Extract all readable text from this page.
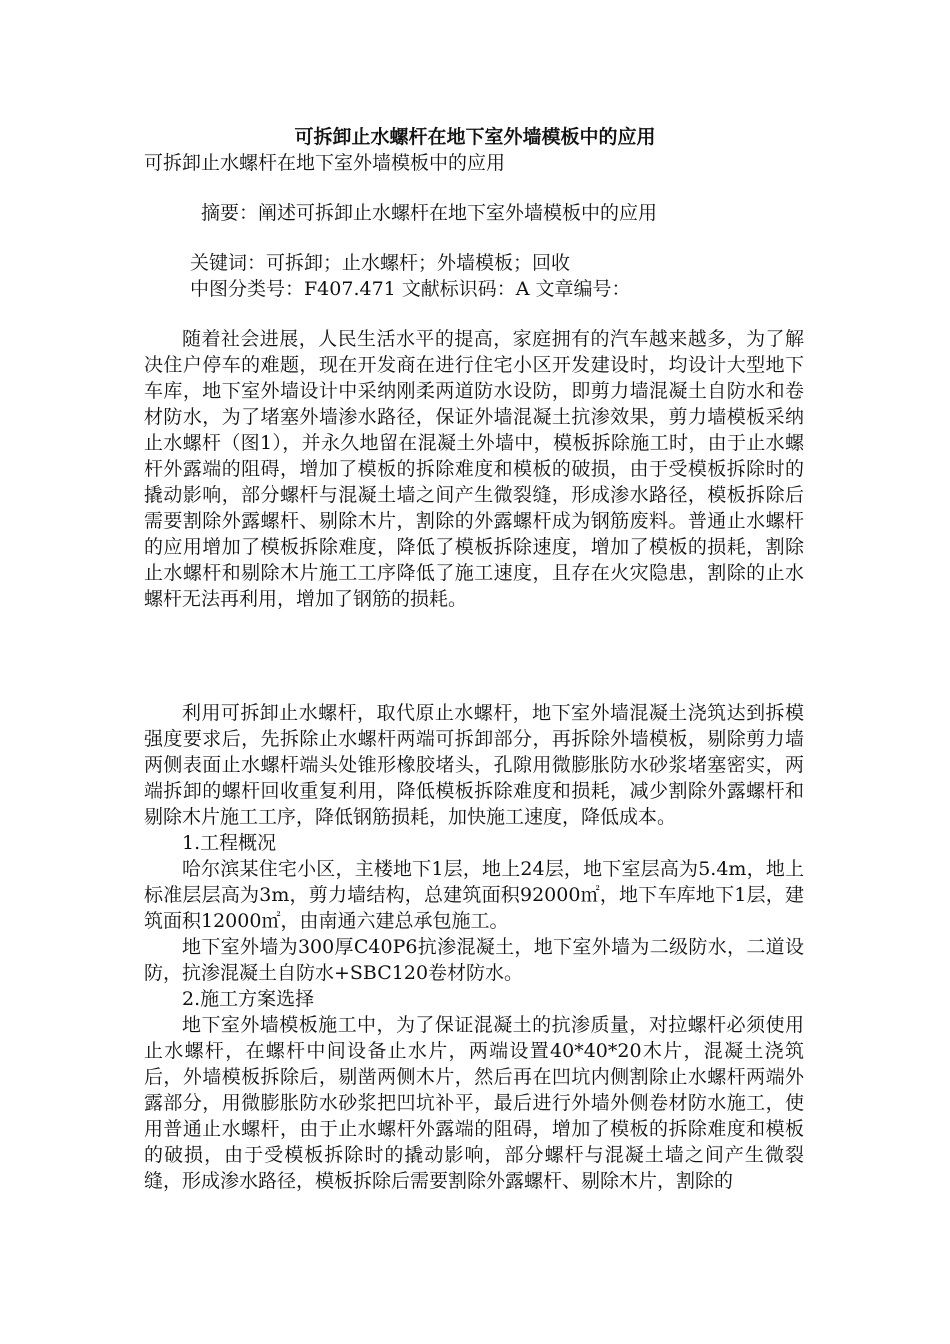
可拆卸止水螺杆在地下室外墙模板中的应用
可拆卸止水螺杆在地下室外墙模板中的应用
摘要：阐述可拆卸止水螺杆在地下室外墙模板中的应用
关键词：可拆卸；止水螺杆；外墙模板；回收
中图分类号：F407.471 文献标识码：A 文章编号：

随着社会进展，人民生活水平的提高，家庭拥有的汽车越来越多，为了解决住户停车的难题，现在开发商在进行住宅小区开发建设时，均设计大型地下车库，地下室外墙设计中采纳刚柔两道防水设防，即剪力墙混凝土自防水和卷材防水，为了堵塞外墙渗水路径，保证外墙混凝土抗渗效果，剪力墙模板采纳止水螺杆（图1），并永久地留在混凝土外墙中，模板拆除施工时，由于止水螺杆外露端的阻碍，增加了模板的拆除难度和模板的破损，由于受模板拆除时的撬动影响，部分螺杆与混凝土墙之间产生微裂缝，形成渗水路径，模板拆除后需要割除外露螺杆、剔除木片，割除的外露螺杆成为钢筋废料。普通止水螺杆的应用增加了模板拆除难度，降低了模板拆除速度，增加了模板的损耗，割除止水螺杆和剔除木片施工工序降低了施工速度，且存在火灾隐患，割除的止水螺杆无法再利用，增加了钢筋的损耗。

利用可拆卸止水螺杆，取代原止水螺杆，地下室外墙混凝土浇筑达到拆模强度要求后，先拆除止水螺杆两端可拆卸部分，再拆除外墙模板，剔除剪力墙两侧表面止水螺杆端头处锥形橡胶堵头，孔隙用微膨胀防水砂浆堵塞密实，两端拆卸的螺杆回收重复利用，降低模板拆除难度和损耗，减少割除外露螺杆和剔除木片施工工序，降低钢筋损耗，加快施工速度，降低成本。

1.工程概况

哈尔滨某住宅小区，主楼地下1层，地上24层，地下室层高为5.4m，地上标准层层高为3m，剪力墙结构，总建筑面积92000㎡，地下车库地下1层，建筑面积12000㎡，由南通六建总承包施工。

地下室外墙为300厚C40P6抗渗混凝土，地下室外墙为二级防水，二道设防，抗渗混凝土自防水+SBC120卷材防水。

2.施工方案选择

地下室外墙模板施工中，为了保证混凝土的抗渗质量，对拉螺杆必须使用止水螺杆，在螺杆中间设备止水片，两端设置40*40*20木片，混凝土浇筑后，外墙模板拆除后，剔凿两侧木片，然后再在凹坑内侧割除止水螺杆两端外露部分，用微膨胀防水砂浆把凹坑补平，最后进行外墙外侧卷材防水施工，使用普通止水螺杆，由于止水螺杆外露端的阻碍，增加了模板的拆除难度和模板的破损，由于受模板拆除时的撬动影响，部分螺杆与混凝土墙之间产生微裂缝，形成渗水路径，模板拆除后需要割除外露螺杆、剔除木片，割除的
